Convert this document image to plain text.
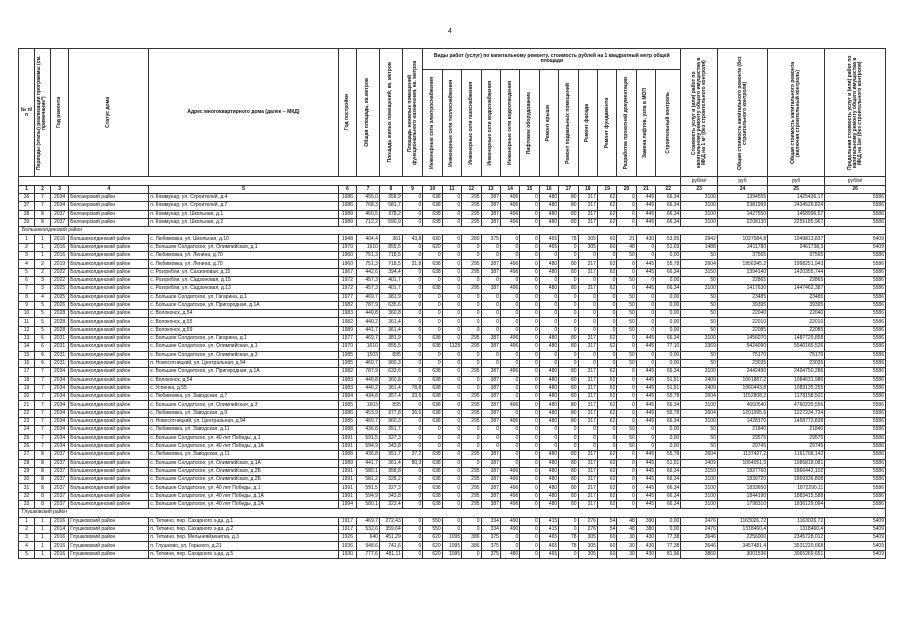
4
№ п/п	Периоды (этапы) реализации программы (см. примечание*)	Год ремонта	Статус дома	Адрес многоквартирного дома (далее – МКД)	Год постройки	Общая площадь, кв.метров	Площадь жилых помещений, кв. метров	Площадь нежилых помещений функционального назначения, кв. метров	Виды работ (услуг) по капитальному ремонту, стоимость рублей на 1 квадратный метр общей площади													Стоимость услуг и (или) работ по капитальному ремонту общего имущества в МКД на 1 м² (без строительного контроля)	Общая стоимость капитального ремонта (без строительного контроля)	Общая стоимость капитального ремонта (включая строительный контроль)	Предельная стоимость услуг и (или) работ по капитальному ремонту общего имущества в МКД на 1м² (без строительного контроля)

									Инженерные сети электроснабжения	Инженерные сети теплоснабжения	Инженерные сети газоснабжения	Инженерные сети водоснабжения	Инженерные сети водоотведения	Лифтовое оборудование	Ремонт крыши	Ремонт подвальных помещений	Ремонт фасада	Ремонт фундамента	Разработка проектной документации	Замена лифтов, узла в МОП	Строительный контроль				

																						руб/м²	руб	руб	руб/м²
1	2	3	4	5	6	7	8	9	10	11	12	13	14	15	16	17	18	19	20	21	22	23	24	25	26
36	7	2034	Белозерский район	п. Коммунар, ул. Строителей, д.4	1986	456,0	358,9	0	638	0	295	387	496	0	480	80	317	62	0	445	66,34	3100	1394555	1425436,17	5586
37	7	2034	Белозерский район	п. Коммунар, ул. Строителей, д.7	1986	768,3	581,7	0	638	0	295	387	496	0	480	80	317	62	0	445	66,34	3100	2381999	2434526,824	5586
38	8	2037	Белозерский район	п. Коммунар, ул. Школьная, д.1	1989	460,5	378,2	0	638	0	295	387	496	0	480	80	317	62	0	445	66,34	3100	1427550	1458996,57	5586
39	8	2037	Белозерский район	п. Коммунар, ул. Школьная, д.2	1989	712,2	590,9	0	638	0	295	387	496	0	480	80	317	62	0	445	66,34	3100	2208130	2255185,967	5586
Большеколдинский район																									
1	1	2016	Большеколдинский район	с. Любимовка, ул. Школьная, д.10	1948	404,4	361	43,8	630	0	280	375	0	0	465	78	305	60	21	430	53,95	2942	1027084,8	1049813,837	5409
2	1	2016	Большеколдинский район	с. Большое Солдатское, ул. Олимпийская, д.1	1970	1610	855,5	0	620	0	0	0	0	0	465	0	305	60	48	0	51,03	1488	2411780	2461738,3	5409
3	1	2016	Большеколдинский район	с. Любимовка, ул. Ленина, д.70	1960	751,3	718,5	0	0	0	0	0	0	0	0	0	0	0	50	0	0,00	50	37565	37565	5586
4	2	2019	Большеколдинский район	с. Любимовка, ул. Ленина, д.70	1960	751,3	718,5	31,8	638	0	295	387	496	0	480	80	317	62	0	445	55,78	2604	1956345,2	1998251,943	5586
5	2	2022	Большеколдинский район	с. Розгребли, ул. Сахзоновая, д.15	1967	442,6	394,4	0	638	0	295	387	496	0	480	80	317	62	0	445	66,34	3150	1394140	1420355,744	5586
6	3	2022	Большеколдинский район	с. Розгребли, ул. Садзоновая, д.15	1972	457,3	401,7	0	0	0	0	0	0	0	0	0	0	0	50	0	0,00	50	22865	22865	5586
7	3	2025	Большеколдинский район	с. Розгребли, ул. Садзоновая, д.13	1972	457,3	401,7	0	638	0	295	387	496	0	480	80	317	62	0	445	66,34	3100	1417630	1447462,387	5586
8	4	2025	Большеколдинский район	с. Большое Солдатское, ул. Гагарина, д.1	1977	469,7	381,9	0	0	0	0	0	0	0	0	0	0	0	50	0	0,00	50	23485	23485	5586
9	5	2026	Большеколдинский район	с. Большое Солдатское, ул. Пригородная, д.1А	1982	787,9	635,6	0	0	0	0	0	0	0	0	0	0	0	50	0	0,00	50	39395	39395	5586
10	5	2028	Большеколдинский район	с. Волоконск, д.54	1983	440,8	360,8	0	0	0	0	0	0	0	0	0	0	0	50	0	0,00	50	22040	22040	5586
11	5	2028	Большеколдинский район	с. Волоконск, д.55	1982	440,2	361,4	0	0	0	0	0	0	0	0	0	0	0	50	0	0,00	50	22010	22010	5586
12	5	2028	Большеколдинский район	с. Волоконск, д.59	1989	441,7	361,4	0	0	0	0	0	0	0	0	0	0	0	50	0	0,00	50	22085	22085	5586
13	6	2031	Большеколдинский район	с. Большое Солдатское, ул. Гагарина, д.1	1977	469,7	381,9	0	638	0	295	387	496	0	480	80	317	62	0	445	66,34	3100	1456070	1487729,858	5586
14	6	2031	Большеколдинский район	с. Большое Солдатское, ул. Олимпийская, д.1	1970	1610	855,5	0	638	1128	295	387	496	0	480	80	317	62	0	445	77,10	3369	5424090	5540165,526	5586
15	6	2031	Большеколдинский район	с. Большое Солдатское, ул. Олимпийская, д.3	1985	1503	835	0	0	0	0	0	0	0	0	0	0	0	50	0	0,00	50	75170	75170	5586
16	6	2031	Большеколдинский район	п. Новосотницкий, ул. Центральная, д.94	1985	460,7	360,3	0	0	0	0	0	0	0	0	0	0	0	50	0	0,00	50	23035	23035	5586
17	7	2034	Большеколдинский район	с. Большое Солдатское, ул. Пригородная, д.1А	1982	787,9	633,6	0	638	0	295	387	496	0	480	80	317	62	0	445	66,34	3100	2442490	2494750,286	5586
18	7	2034	Большеколдинский район	с. Волоконск, д.54	1983	440,8	360,8	0	638	0	0	387	0	0	480	80	317	62	0	445	51,51	2409	1061887,2	1084631,986	5586
19	7	2034	Большеколдинский район	с. Успенка, д.55	1983	440,2	361,4	78,8	638	0	0	387	0	0	480	80	317	62	0	445	51,51	2409	1060443,8	1083135,255	5586
20	7	2034	Большеколдинский район	с. Любимовка, ул. Заводская, д.7	1984	434,8	357,4	33,6	638	0	295	387	0	0	480	80	317	62	0	445	55,78	2604	1152808,2	1178158,501	5586
21	7	2034	Большеколдинский район	с. Большое Солдатское, ул. Олимпийская, д.3	1985	1503	835	0	638	0	295	387	496	0	480	80	317	62	0	445	66,34	3100	4660540	4760235,556	5586
22	7	2034	Большеколдинский район	с. Любимовка, ул. Заводская, д.9	1986	453,9	377,8	36,6	638	0	295	387	0	0	480	80	317	62	0	445	55,78	2604	1201995,6	1227234,734	5586
23	7	2034	Большеколдинский район	п. Новосотницкий, ул. Центральная, д.94	1985	460,7	360,3	0	638	0	295	387	496	0	480	80	317	62	0	445	66,34	3100	1428170	1458772,838	5586
24	7	2034	Большеколдинский район	с. Любимовка, ул. Заводская, д.11	1988	436,8	351,7	0	0	0	0	0	0	0	0	0	0	0	50	0	0,00	50	21840	21840	5586
25	7	2034	Большеколдинский район	с. Большое Солдатское, ул. 40 лет Победы, д.1	1991	591,5	327,3	0	0	0	0	0	0	0	0	0	0	0	50	0	0,00	50	29575	29575	5586
26	7	2034	Большеколдинский район	с. Большое Солдатское, ул. 40 лет Победы, д.1А	1991	594,9	343,8	0	0	0	0	0	0	0	0	0	0	0	50	0	0,00	50	29745	29745	5586
27	8	2037	Большеколдинский район	с. Любимовка, ул. Заводская, д.11	1988	436,8	351,7	37,2	638	0	295	387	0	0	480	80	317	62	0	445	55,78	2604	1137427,2	1161768,142	5586
28	8	2037	Большеколдинский район	с. Большое Солдатское, ул. Олимпийская, д.1А	1989	441,7	361,4	80,3	638	0	0	387	0	0	480	80	317	62	0	445	51,51	2409	1064051,3	1086818,081	5586
29	8	2037	Большеколдинский район	с. Большое Солдатское, ул. Олимпийская, д.2Б	1991	580,1	358,8	0	638	0	295	387	496	0	480	80	317	62	0	445	66,34	3150	1827760	1866442,102	5586
30	8	2037	Большеколдинский район	с. Большое Солдатское, ул. Олимпийская, д.2Б	1991	581,2	328,2	0	638	0	295	387	496	0	480	80	317	62	0	445	66,34	3100	1830720	1869336,808	5586
31	8	2037	Большеколдинский район	с. Большое Солдатское, ул. 40 лет Победы, д.1	1991	591,5	327,3	0	638	0	295	387	496	0	480	80	317	62	0	445	66,34	3100	1833650	1872290,11	5586
32	8	2037	Большеколдинский район	с. Большое Солдатское, ул. 40 лет Победы, д.1А	1991	594,9	343,8	0	638	0	295	387	496	0	480	80	317	62	0	445	66,34	3100	1844190	1883415,588	5586
33	8	2037	Большеколдинский район	с. Большое Солдатское, ул. 40 лет Победы, д.2А	1994	580,1	323,4	0	638	0	295	387	496	0	480	80	317	62	0	445	66,34	3100	1798310	1836129,094	5586
Глушковский район																									
1	1	2016	Глушковский район	п. Теткино, пер. Сахарного з-да, д.1	1917	469,7	272,43	0	550	0	0	334	490	0	415	0	276	54	48	390	0,00	2476	1163026,72	1163026,72	5409
2	1	2014	Глушковский район	п. Теткино, пер. Сахарного з-да, д.2	1917	532,6	359,64	0	550	0	0	334	490	0	415	0	276	54	48	380	0,00	2476	1318460,4	1318460,4	5409
3	1	2016	Глушковский район	п. Теткино, пер. Мельнеяйзенитка, д.3	1926	640	451,29	0	620	1095	386	375	0	0	465	78	305	60	30	430	77,38	3646	2256000	2345728,012	5409
4	1	2016	Глушковский район	п. Глушково, ул. Горького, д.21	1936	948,6	741,6	0	620	1095	386	375	0	0	465	78	305	60	30	430	77,38	3646	3457481,4	3531220,668	5409
5	1	2016	Глушковский район	п. Теткино, пер. Сахарного з-да, д.5	1930	777,6	481,11	0	620	1095	0	375	480	0	465	0	305	60	30	430	81,96	3860	3001536	3065269,651	5409
